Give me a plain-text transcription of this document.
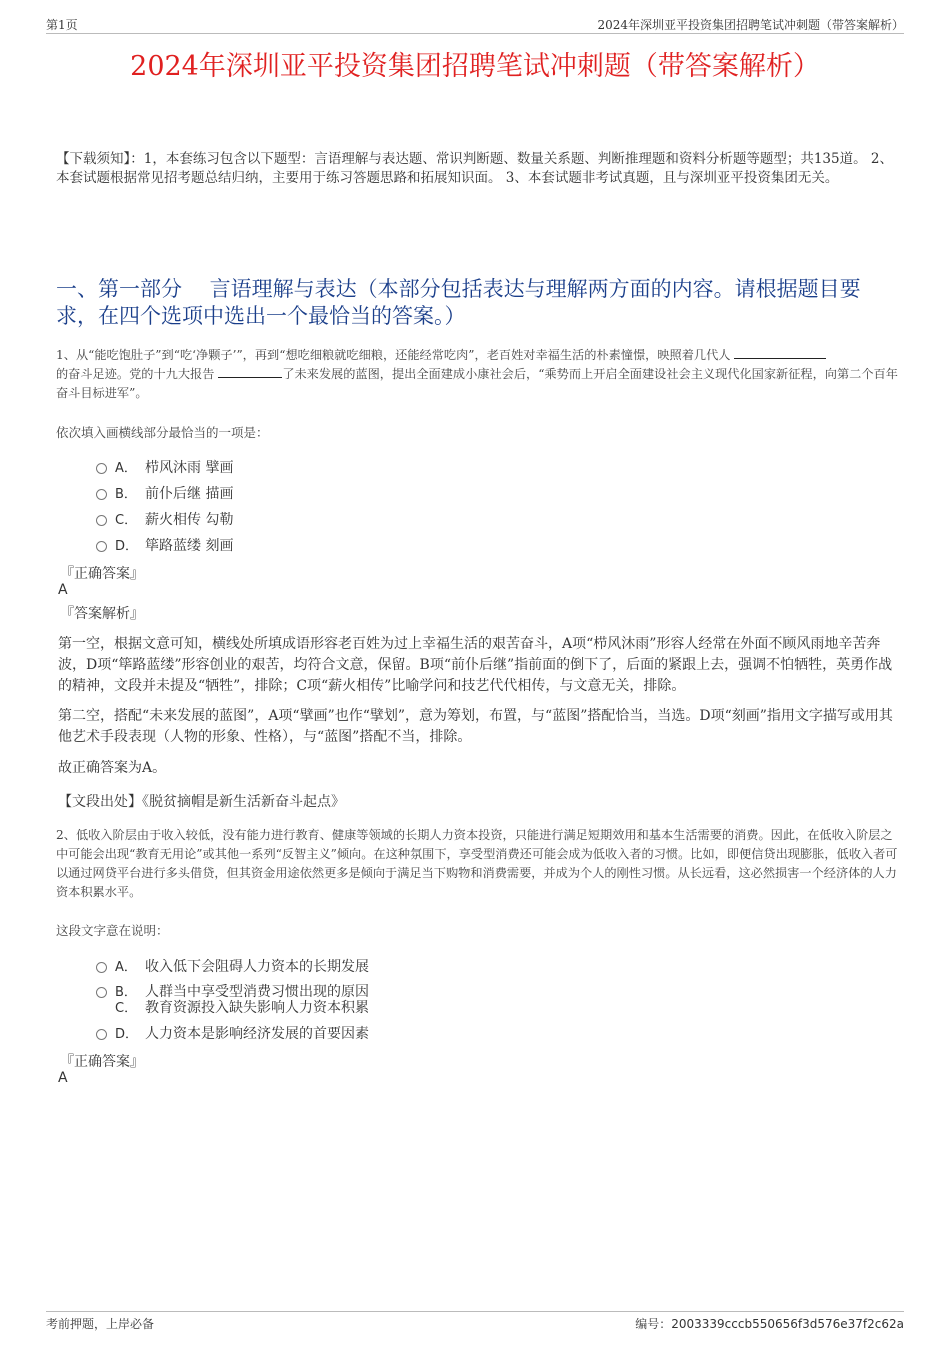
第1页	2024年深圳亚平投资集团招聘笔试冲刺题（带答案解析）
2024年深圳亚平投资集团招聘笔试冲刺题（带答案解析）
【下载须知】：1，本套练习包含以下题型：言语理解与表达题、常识判断题、数量关系题、判断推理题和资料分析题等题型；共135道。 2、本套试题根据常见招考题总结归纳，主要用于练习答题思路和拓展知识面。 3、本套试题非考试真题，且与深圳亚平投资集团无关。
一、第一部分　 言语理解与表达（本部分包括表达与理解两方面的内容。请根据题目要求，在四个选项中选出一个最恰当的答案。）
1、从“能吃饱肚子”到“吃‘净颗子’”，再到“想吃细粮就吃细粮，还能经常吃肉”，老百姓对幸福生活的朴素憧憬，映照着几代人
的奋斗足迹。党的十九大报告	了未来发展的蓝图，提出全面建成小康社会后，“乘势而上开启全面建设社会主义现代化国家新征程，向第二个百年奋斗目标进军”。
依次填入画横线部分最恰当的一项是：
A． 栉风沐雨 擘画
B． 前仆后继 描画
C． 薪火相传 勾勒
D． 筚路蓝缕 刻画
『正确答案』
A
『答案解析』
第一空，根据文意可知，横线处所填成语形容老百姓为过上幸福生活的艰苦奋斗，A项“栉风沐雨”形容人经常在外面不顾风雨地辛苦奔波，D项“筚路蓝缕”形容创业的艰苦，均符合文意，保留。B项“前仆后继”指前面的倒下了，后面的紧跟上去，强调不怕牺牲，英勇作战的精神，文段并未提及“牺牲”，排除；C项“薪火相传”比喻学问和技艺代代相传，与文意无关，排除。
第二空，搭配“未来发展的蓝图”，A项“擘画”也作“擘划”，意为筹划，布置，与“蓝图”搭配恰当，当选。D项“刻画”指用文字描写或用其他艺术手段表现（人物的形象、性格），与“蓝图”搭配不当，排除。
故正确答案为A。
【文段出处】《脱贫摘帽是新生活新奋斗起点》
2、低收入阶层由于收入较低，没有能力进行教育、健康等领域的长期人力资本投资，只能进行满足短期效用和基本生活需要的消费。因此，在低收入阶层之中可能会出现“教育无用论”或其他一系列“反智主义”倾向。在这种氛围下，享受型消费还可能会成为低收入者的习惯。比如，即便信贷出现膨胀，低收入者可以通过网贷平台进行多头借贷，但其资金用途依然更多是倾向于满足当下购物和消费需要，并成为个人的刚性习惯。从长远看，这必然损害一个经济体的人力资本积累水平。
这段文字意在说明：
A． 收入低下会阻碍人力资本的长期发展
B． 人群当中享受型消费习惯出现的原因
C． 教育资源投入缺失影响人力资本积累
D． 人力资本是影响经济发展的首要因素
『正确答案』
A
考前押题，上岸必备	编号：2003339cccb550656f3d576e37f2c62a
